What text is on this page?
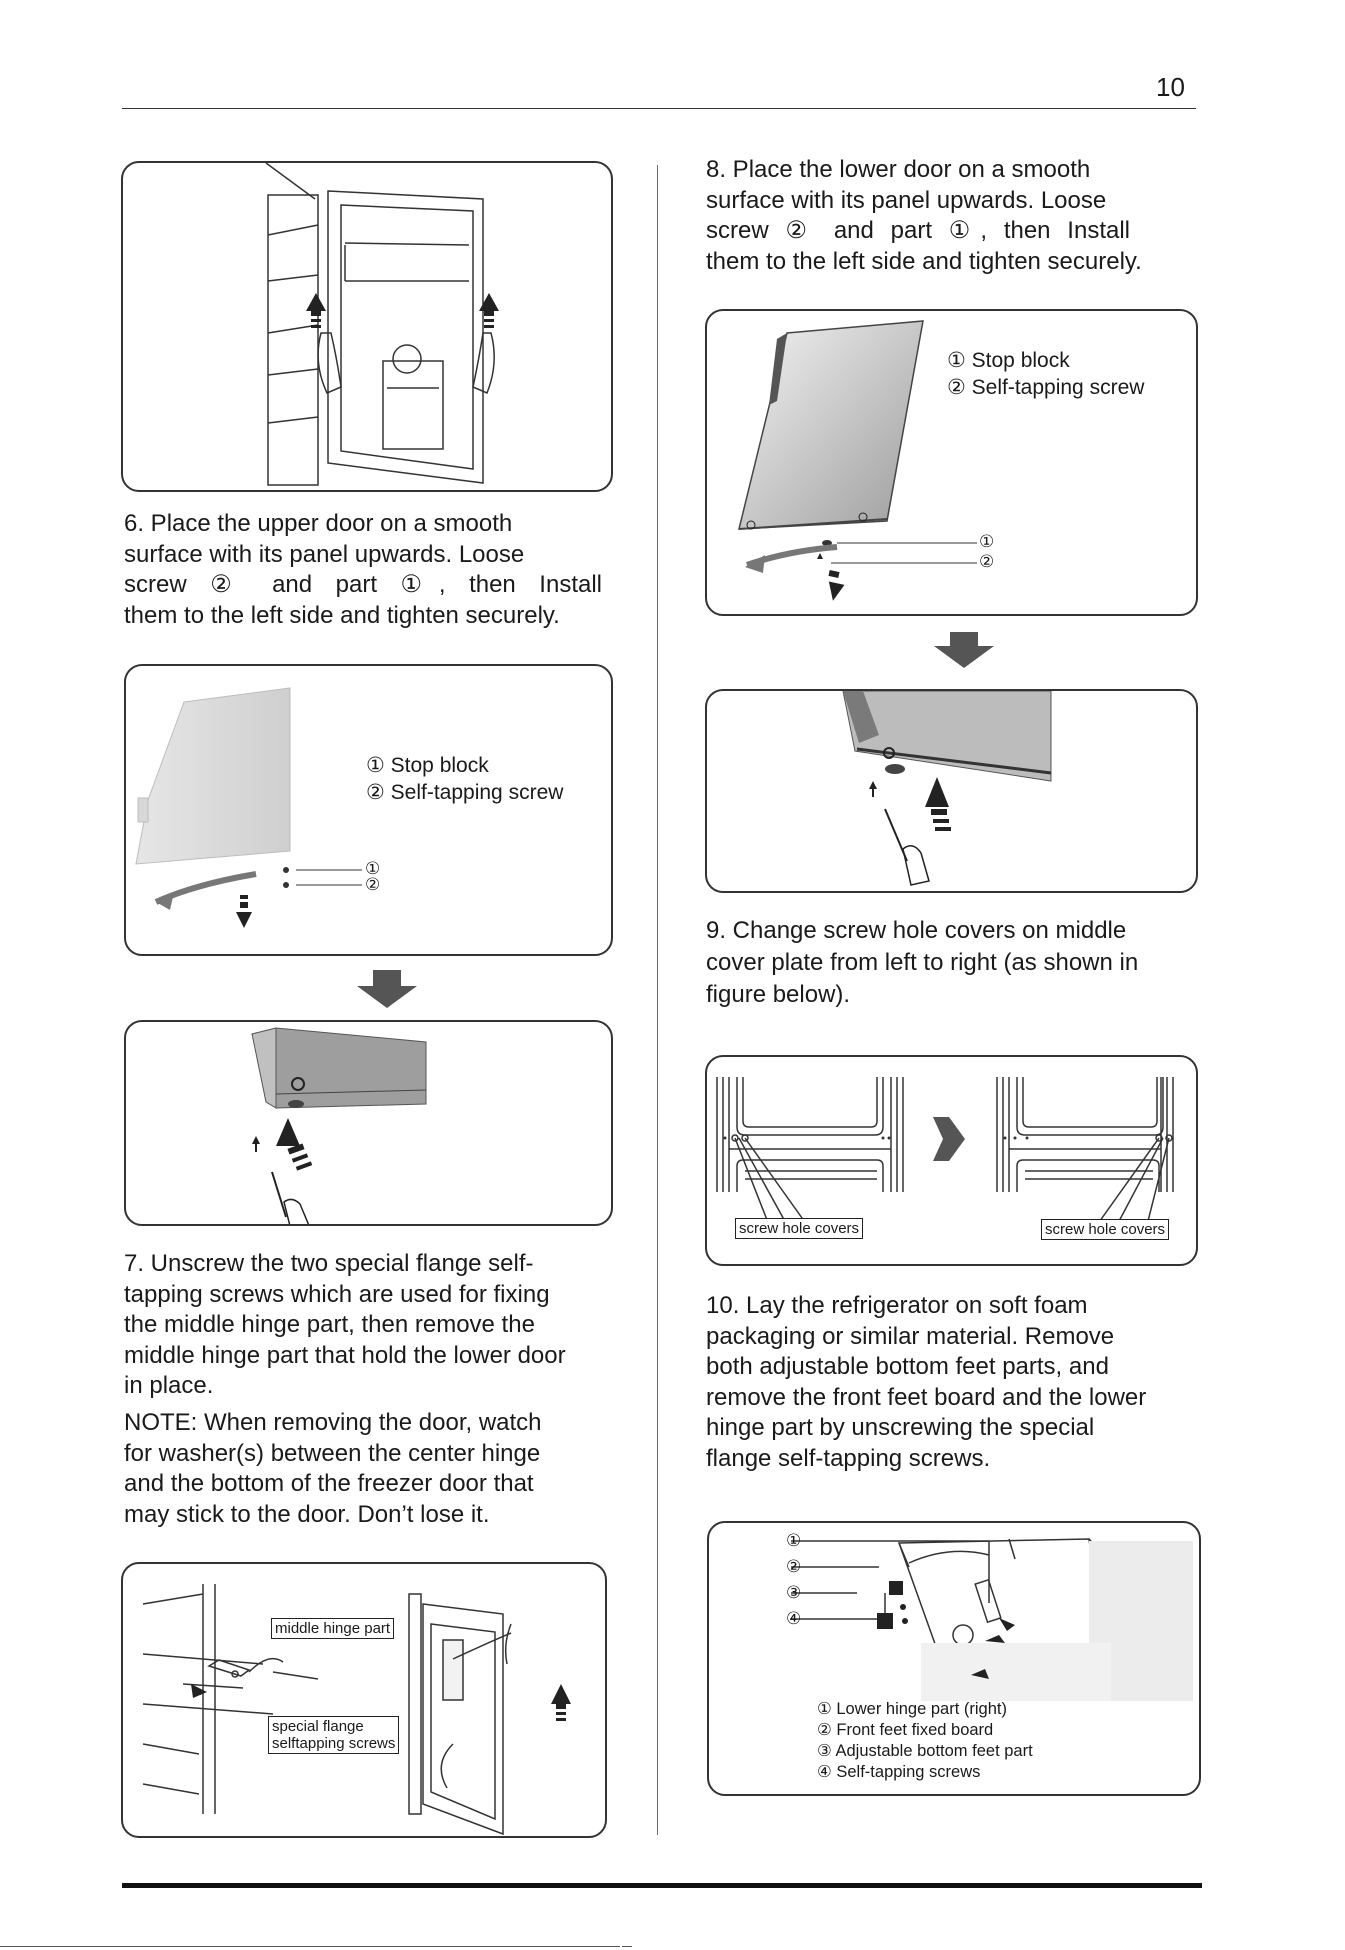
10

6. Place the upper door on a smooth

surface with its panel upwards. Loose

screw ② and part ①, then Install

them to the left side and tighten securely.

① Stop block
② Self-tapping screw
①
②

7. Unscrew the two special flange self-

tapping screws which are used for fixing

the middle hinge part, then remove the

middle hinge part that hold the lower door

in place.

NOTE: When removing the door, watch

for washer(s) between the center hinge

and the bottom of the freezer door that

may stick to the door. Don’t lose it.

middle hinge part
special flange
selftapping screws

8. Place the lower door on a smooth

surface with its panel upwards. Loose

screw ② and part ①, then Install

them to the left side and tighten securely.

① Stop block
② Self-tapping screw
①
②

9. Change screw hole covers on middle

cover plate from left to right (as shown in

figure below).

screw hole covers	screw hole covers

10. Lay the refrigerator on soft foam

packaging or similar material. Remove

both adjustable bottom feet parts, and

remove the front feet board and the lower

hinge part by unscrewing the special

flange self-tapping screws.

①
②
③
④
① Lower hinge part (right)
② Front feet fixed board
③ Adjustable bottom feet part
④ Self-tapping screws
